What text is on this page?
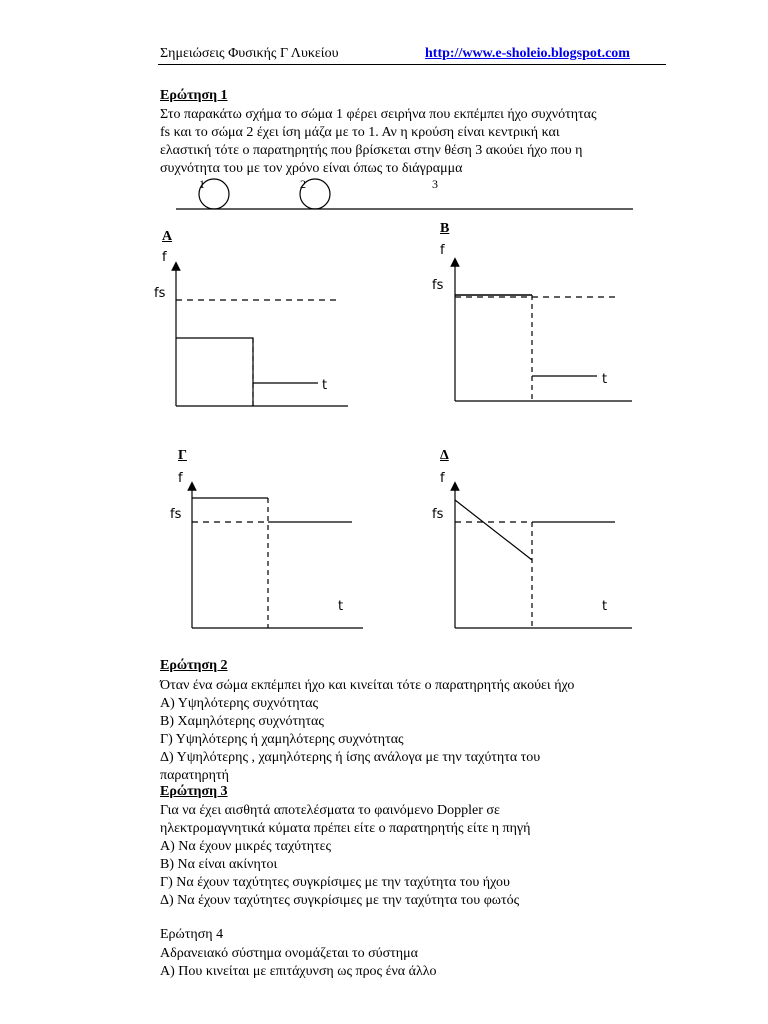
Σημειώσεις Φυσικής Γ Λυκείου	http://www.e-sholeio.blogspot.com
Ερώτηση 1
Στο παρακάτω σχήμα το σώμα 1 φέρει σειρήνα που εκπέμπει ήχο συχνότητας
fs και το σώμα 2 έχει ίση μάζα με το 1. Αν η κρούση είναι κεντρική και
ελαστική τότε ο παρατηρητής που βρίσκεται στην θέση 3 ακούει ήχο που η
συχνότητα του με τον χρόνο είναι όπως το διάγραμμα
1	2	3
Α
f
fs
t
Β
f
fs
t
Γ
f
fs
t
Δ
f
fs
t
Ερώτηση 2
Όταν ένα σώμα εκπέμπει ήχο και κινείται τότε ο παρατηρητής ακούει ήχο
Α) Υψηλότερης συχνότητας
Β) Χαμηλότερης συχνότητας
Γ) Υψηλότερης ή χαμηλότερης συχνότητας
Δ) Υψηλότερης , χαμηλότερης ή ίσης ανάλογα με την ταχύτητα του
παρατηρητή
Ερώτηση 3
Για να έχει αισθητά αποτελέσματα το φαινόμενο Doppler σε
ηλεκτρομαγνητικά κύματα πρέπει είτε ο παρατηρητής είτε η πηγή
Α) Να έχουν μικρές ταχύτητες
Β) Να είναι ακίνητοι
Γ) Να έχουν ταχύτητες συγκρίσιμες με την ταχύτητα του ήχου
Δ) Να έχουν ταχύτητες συγκρίσιμες με την ταχύτητα του φωτός
Ερώτηση 4
Αδρανειακό σύστημα ονομάζεται το σύστημα
Α) Που κινείται με επιτάχυνση ως προς ένα άλλο
